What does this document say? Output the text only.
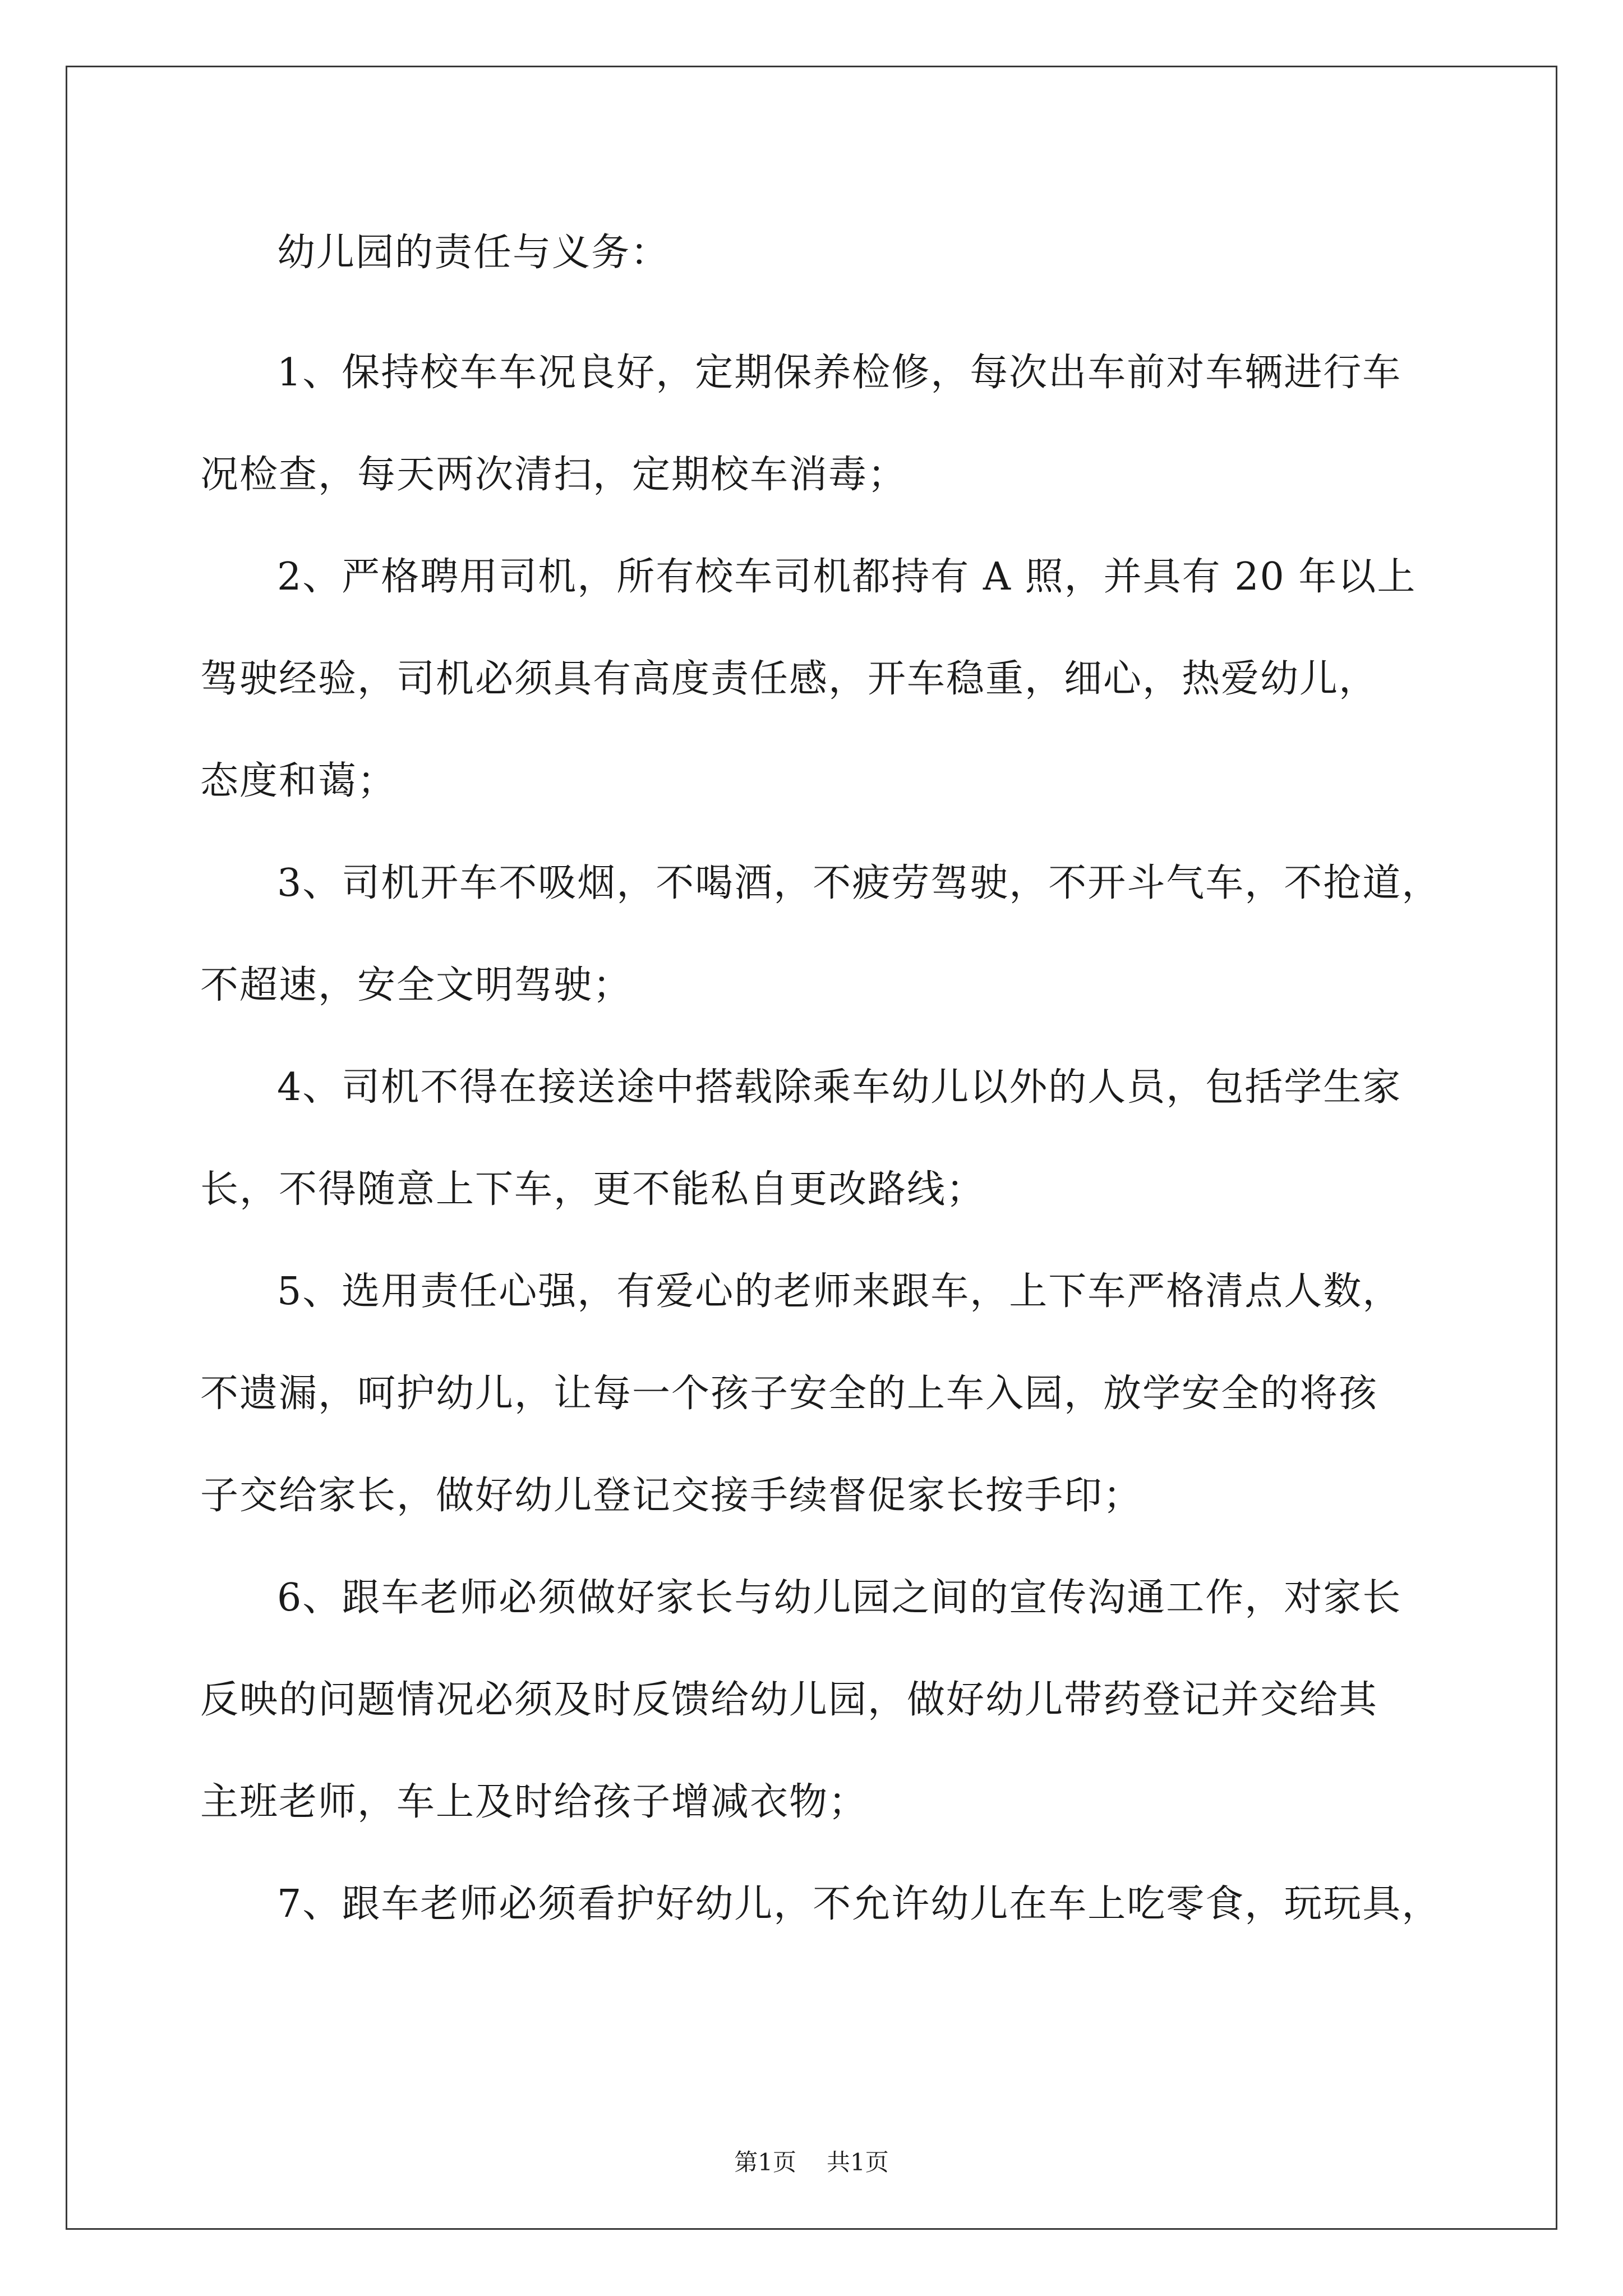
幼儿园的责任与义务：

1、保持校车车况良好，定期保养检修，每次出车前对车辆进行车

况检查，每天两次清扫，定期校车消毒；

2、严格聘用司机，所有校车司机都持有 A 照，并具有 20 年以上

驾驶经验，司机必须具有高度责任感，开车稳重，细心，热爱幼儿，

态度和蔼；

3、司机开车不吸烟，不喝酒，不疲劳驾驶，不开斗气车，不抢道，

不超速，安全文明驾驶；

4、司机不得在接送途中搭载除乘车幼儿以外的人员，包括学生家

长，不得随意上下车，更不能私自更改路线；

5、选用责任心强，有爱心的老师来跟车，上下车严格清点人数，

不遗漏，呵护幼儿，让每一个孩子安全的上车入园，放学安全的将孩

子交给家长，做好幼儿登记交接手续督促家长按手印；

6、跟车老师必须做好家长与幼儿园之间的宣传沟通工作，对家长

反映的问题情况必须及时反馈给幼儿园，做好幼儿带药登记并交给其

主班老师，车上及时给孩子增减衣物；

7、跟车老师必须看护好幼儿，不允许幼儿在车上吃零食，玩玩具，

第1页 共1页
